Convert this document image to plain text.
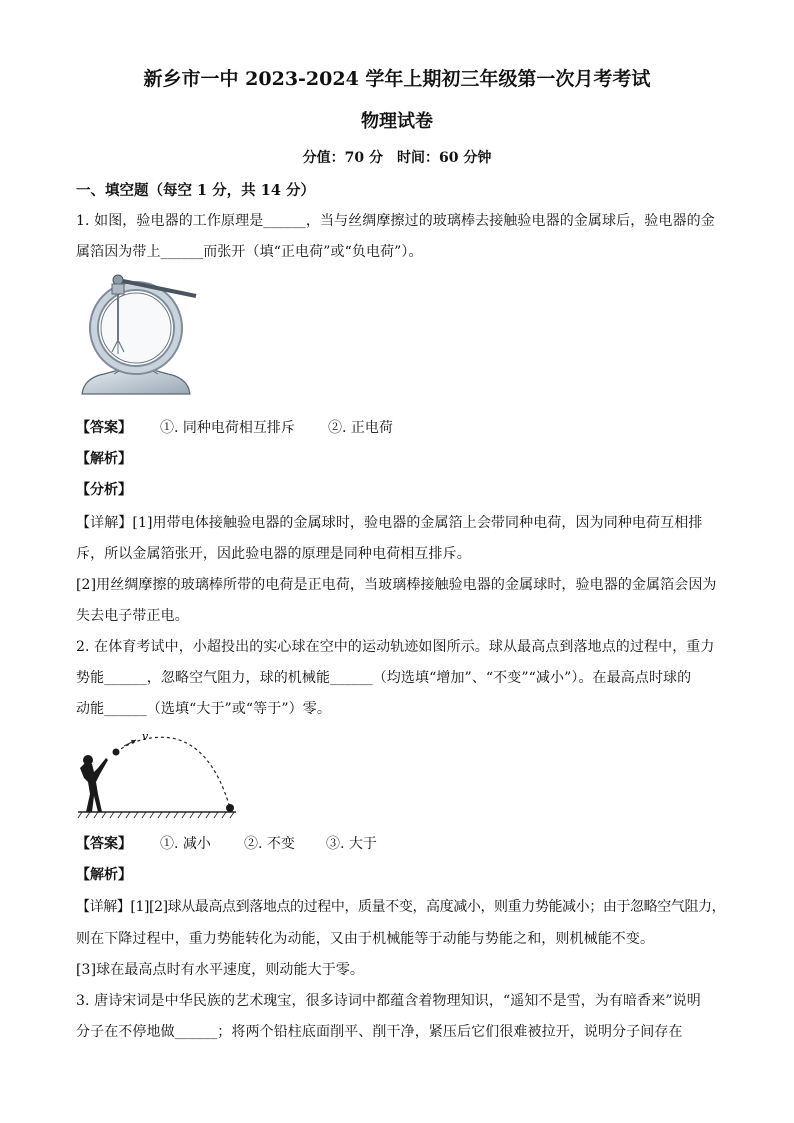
新乡市一中 2023-2024 学年上期初三年级第一次月考考试
物理试卷
分值：70 分　时间：60 分钟
一、填空题（每空 1 分，共 14 分）
1. 如图，验电器的工作原理是______，当与丝绸摩擦过的玻璃棒去接触验电器的金属球后，验电器的金
属箔因为带上______而张开（填“正电荷”或“负电荷”）。
【答案】 ①. 同种电荷相互排斥 ②. 正电荷
【解析】
【分析】
【详解】[1]用带电体接触验电器的金属球时，验电器的金属箔上会带同种电荷，因为同种电荷互相排
斥，所以金属箔张开，因此验电器的原理是同种电荷相互排斥。
[2]用丝绸摩擦的玻璃棒所带的电荷是正电荷，当玻璃棒接触验电器的金属球时，验电器的金属箔会因为
失去电子带正电。
2. 在体育考试中，小超投出的实心球在空中的运动轨迹如图所示。球从最高点到落地点的过程中，重力
势能______，忽略空气阻力，球的机械能______（均选填“增加”、“不变”“减小”）。在最高点时球的
动能______（选填“大于”或“等于”）零。
v
【答案】 ①. 减小 ②. 不变 ③. 大于
【解析】
【详解】[1][2]球从最高点到落地点的过程中，质量不变，高度减小，则重力势能减小；由于忽略空气阻力，
则在下降过程中，重力势能转化为动能，又由于机械能等于动能与势能之和，则机械能不变。
[3]球在最高点时有水平速度，则动能大于零。
3. 唐诗宋词是中华民族的艺术瑰宝，很多诗词中都蕴含着物理知识，“遥知不是雪，为有暗香来”说明
分子在不停地做______；将两个铅柱底面削平、削干净，紧压后它们很难被拉开，说明分子间存在
